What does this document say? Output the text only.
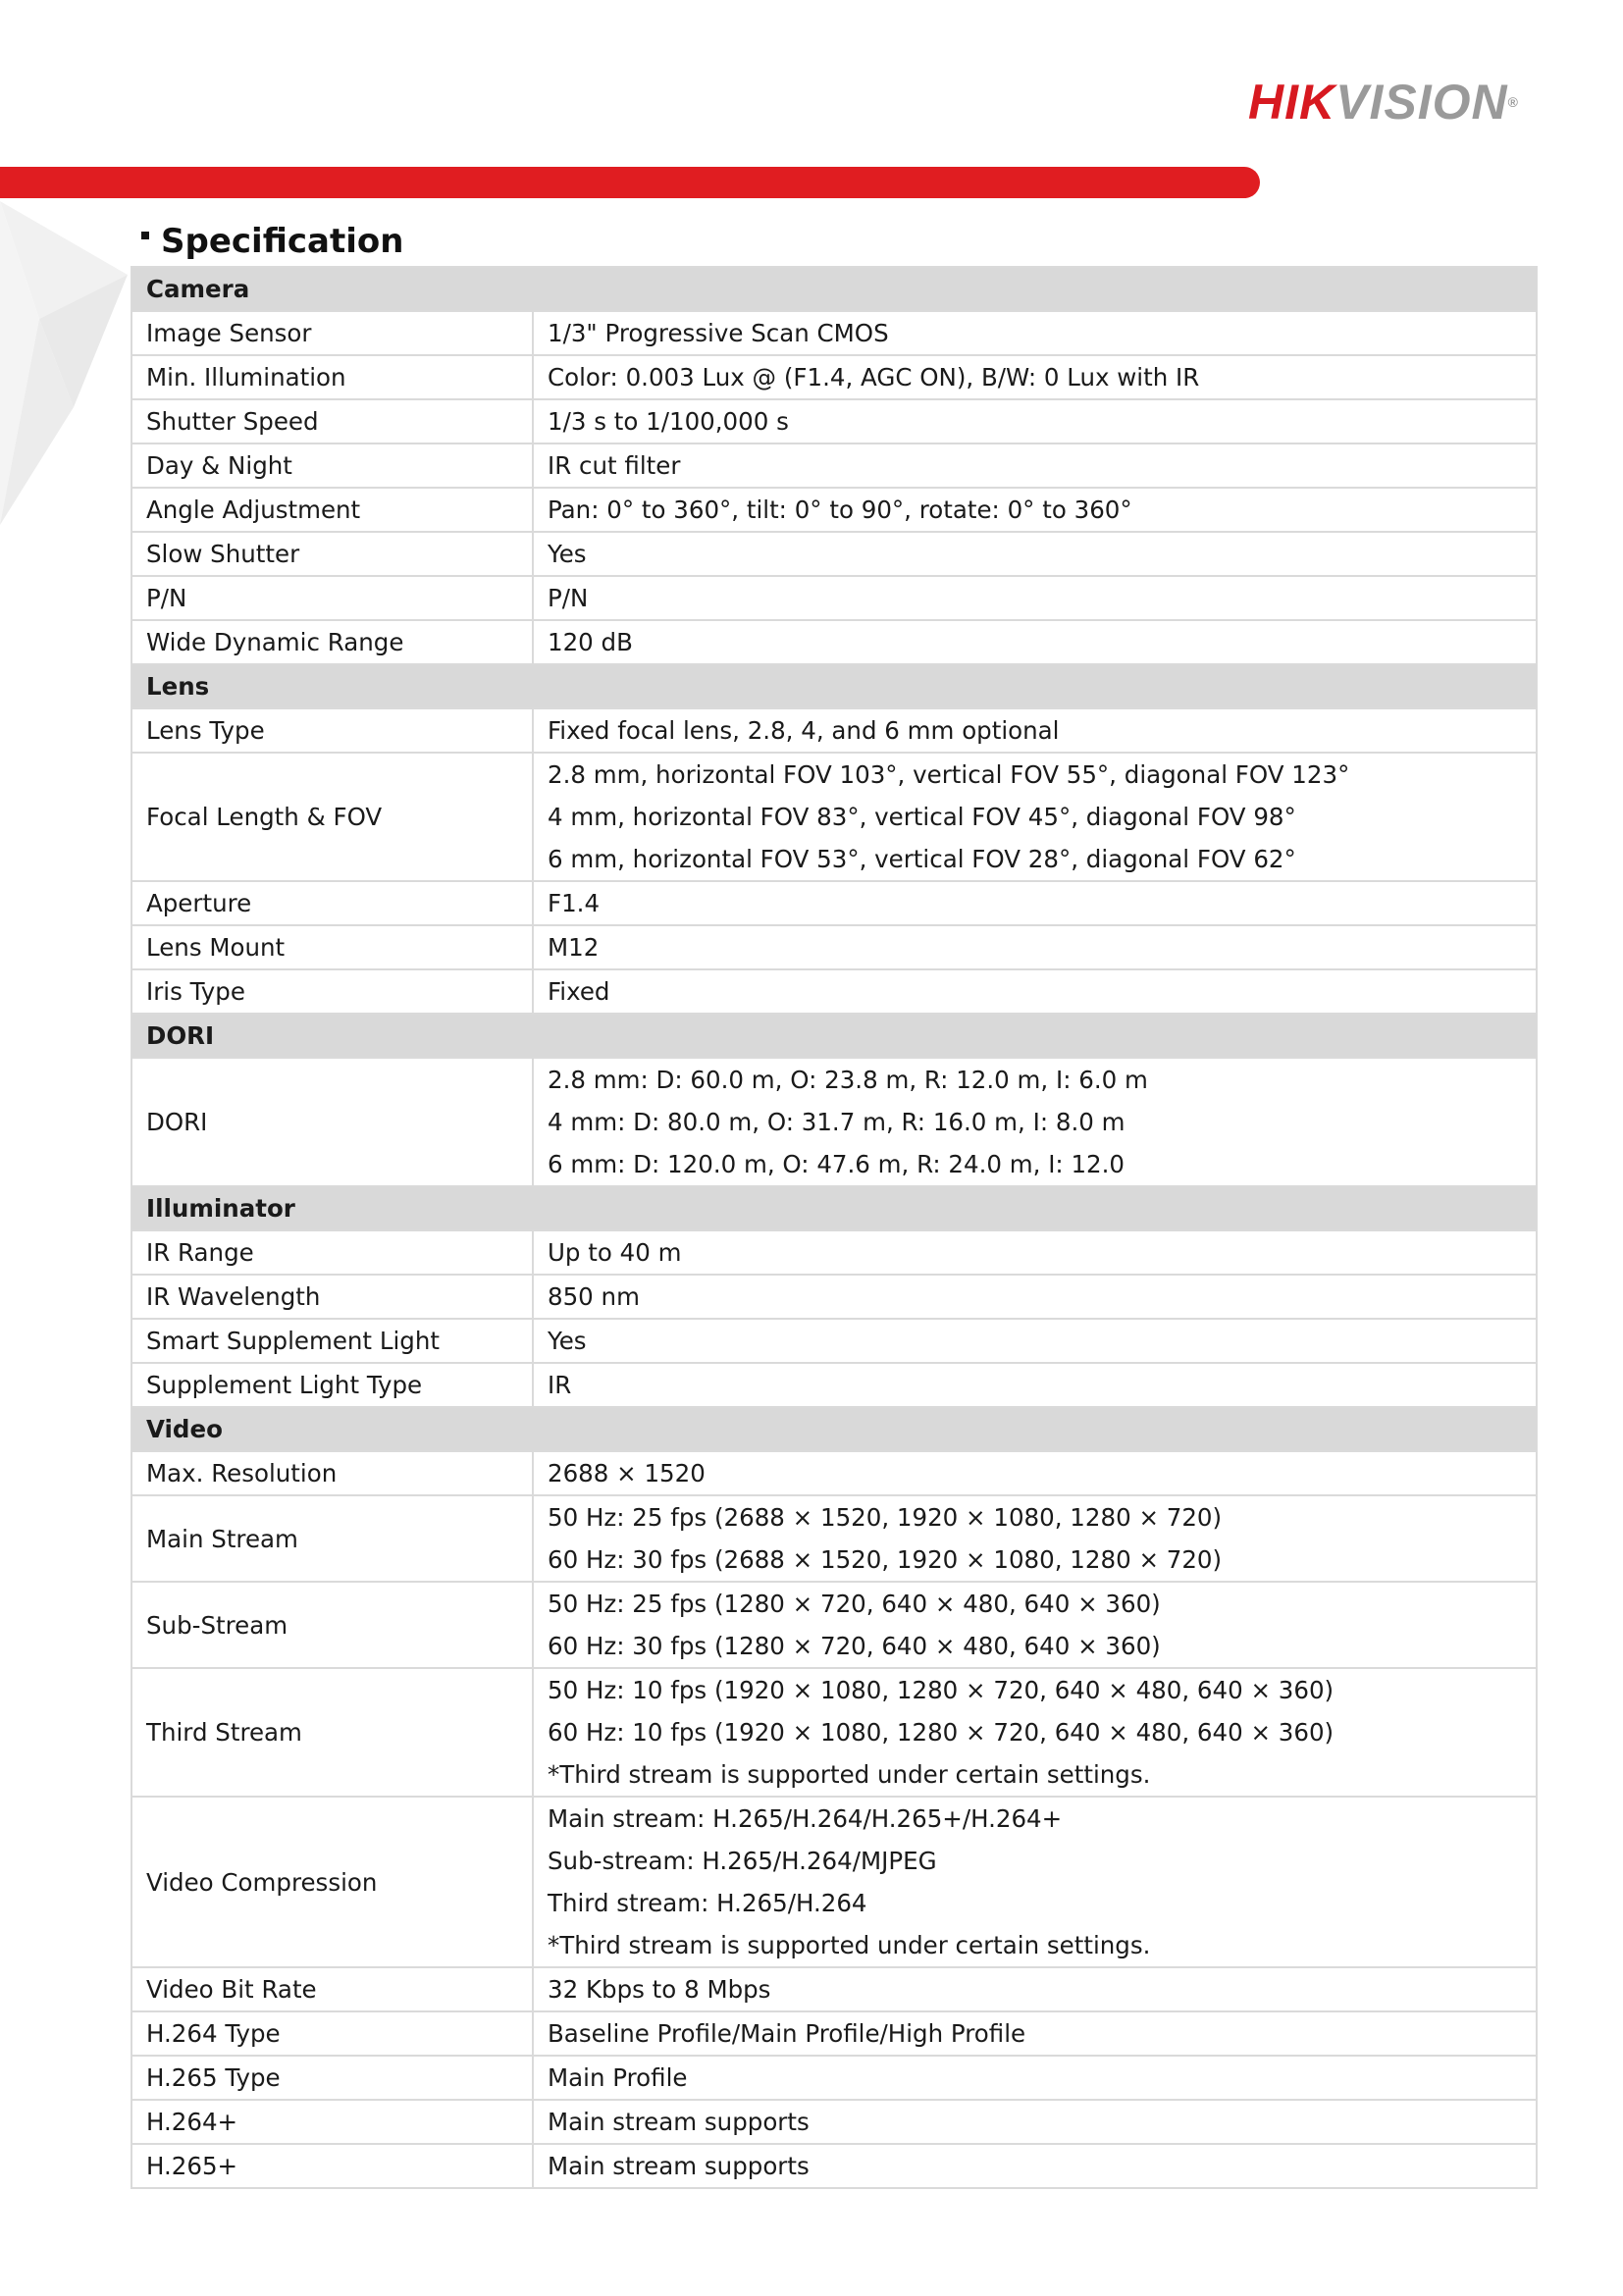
HIKVISION®
Specification
Camera	
Image Sensor	1/3" Progressive Scan CMOS

Min. Illumination	Color: 0.003 Lux @ (F1.4, AGC ON), B/W: 0 Lux with IR

Shutter Speed	1/3 s to 1/100,000 s

Day & Night	IR cut filter

Angle Adjustment	Pan: 0° to 360°, tilt: 0° to 90°, rotate: 0° to 360°

Slow Shutter	Yes

P/N	P/N

Wide Dynamic Range	120 dB

Lens	
Lens Type	Fixed focal lens, 2.8, 4, and 6 mm optional

Focal Length & FOV	2.8 mm, horizontal FOV 103°, vertical FOV 55°, diagonal FOV 123°
4 mm, horizontal FOV 83°, vertical FOV 45°, diagonal FOV 98°
6 mm, horizontal FOV 53°, vertical FOV 28°, diagonal FOV 62°

Aperture	F1.4

Lens Mount	M12

Iris Type	Fixed

DORI	
DORI	2.8 mm: D: 60.0 m, O: 23.8 m, R: 12.0 m, I: 6.0 m
4 mm: D: 80.0 m, O: 31.7 m, R: 16.0 m, I: 8.0 m
6 mm: D: 120.0 m, O: 47.6 m, R: 24.0 m, I: 12.0

Illuminator	
IR Range	Up to 40 m

IR Wavelength	850 nm

Smart Supplement Light	Yes

Supplement Light Type	IR

Video	
Max. Resolution	2688 × 1520

Main Stream	50 Hz: 25 fps (2688 × 1520, 1920 × 1080, 1280 × 720)
60 Hz: 30 fps (2688 × 1520, 1920 × 1080, 1280 × 720)

Sub-Stream	50 Hz: 25 fps (1280 × 720, 640 × 480, 640 × 360)
60 Hz: 30 fps (1280 × 720, 640 × 480, 640 × 360)

Third Stream	50 Hz: 10 fps (1920 × 1080, 1280 × 720, 640 × 480, 640 × 360)
60 Hz: 10 fps (1920 × 1080, 1280 × 720, 640 × 480, 640 × 360)
*Third stream is supported under certain settings.

Video Compression	Main stream: H.265/H.264/H.265+/H.264+
Sub-stream: H.265/H.264/MJPEG
Third stream: H.265/H.264
*Third stream is supported under certain settings.

Video Bit Rate	32 Kbps to 8 Mbps

H.264 Type	Baseline Profile/Main Profile/High Profile

H.265 Type	Main Profile

H.264+	Main stream supports

H.265+	Main stream supports
